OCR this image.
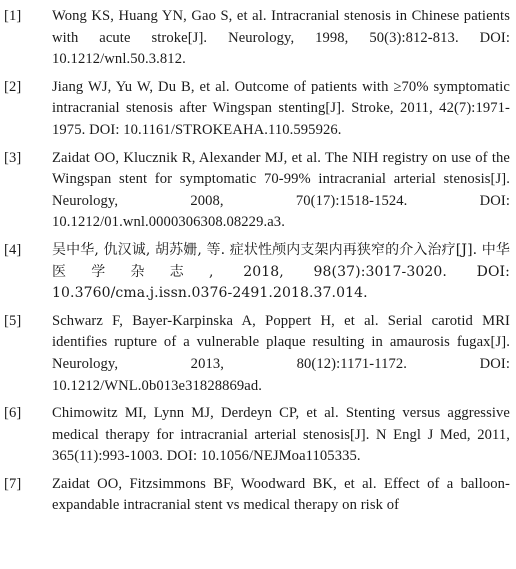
[1]	Wong KS, Huang YN, Gao S, et al. Intracranial stenosis in Chinese patients with acute stroke[J]. Neurology, 1998, 50(3):812-813. DOI: 10.1212/wnl.50.3.812.
[2]	Jiang WJ, Yu W, Du B, et al. Outcome of patients with ≥70% symptomatic intracranial stenosis after Wingspan stenting[J]. Stroke, 2011, 42(7):1971-1975. DOI: 10.1161/STROKEAHA.110.595926.
[3]	Zaidat OO, Klucznik R, Alexander MJ, et al. The NIH registry on use of the Wingspan stent for symptomatic 70-99% intracranial arterial stenosis[J]. Neurology, 2008, 70(17):1518-1524. DOI: 10.1212/01.wnl.0000306308.08229.a3.
[4]	吴中华, 仇汉诚, 胡苏姗, 等. 症状性颅内支架内再狭窄的介入治疗[J]. 中华医学杂志, 2018, 98(37):3017-3020. DOI: 10.3760/cma.j.issn.0376-2491.2018.37.014.
[5]	Schwarz F, Bayer-Karpinska A, Poppert H, et al. Serial carotid MRI identifies rupture of a vulnerable plaque resulting in amaurosis fugax[J]. Neurology, 2013, 80(12):1171-1172. DOI: 10.1212/WNL.0b013e31828869ad.
[6]	Chimowitz MI, Lynn MJ, Derdeyn CP, et al. Stenting versus aggressive medical therapy for intracranial arterial stenosis[J]. N Engl J Med, 2011, 365(11):993-1003. DOI: 10.1056/NEJMoa1105335.
[7]	Zaidat OO, Fitzsimmons BF, Woodward BK, et al. Effect of a balloon-expandable intracranial stent vs medical therapy on risk of
